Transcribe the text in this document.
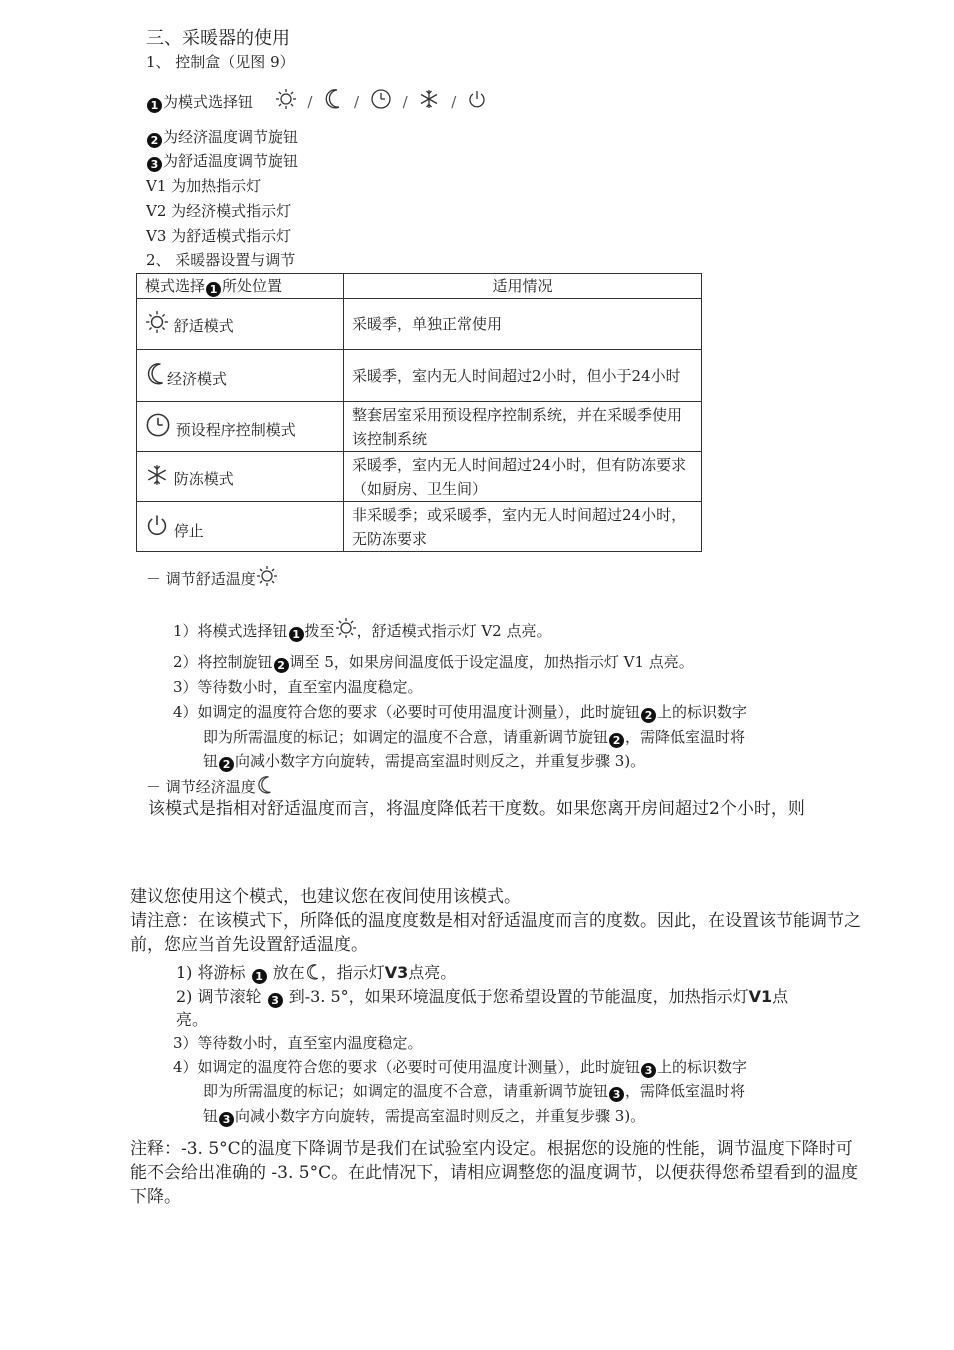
三、采暖器的使用
1、 控制盒（见图 9）
1 为模式选择钮	/	/	/	/
2 为经济温度调节旋钮
3 为舒适温度调节旋钮
V1 为加热指示灯
V2 为经济模式指示灯
V3 为舒适模式指示灯
2、 采暖器设置与调节
模式选择 1 所处位置	适用情况
舒适模式	采暖季，单独正常使用
经济模式	采暖季，室内无人时间超过2小时，但小于24小时
预设程序控制模式	整套居室采用预设程序控制系统，并在采暖季使用该控制系统
防冻模式	采暖季，室内无人时间超过24小时，但有防冻要求（如厨房、卫生间）
停止	非采暖季；或采暖季，室内无人时间超过24小时，无防冻要求
－ 调节舒适温度
1）将模式选择钮 1 拨至 ，舒适模式指示灯 V2 点亮。
2）将控制旋钮 2 调至 5，如果房间温度低于设定温度，加热指示灯 V1 点亮。
3）等待数小时，直至室内温度稳定。
4）如调定的温度符合您的要求（必要时可使用温度计测量），此时旋钮 2 上的标识数字
即为所需温度的标记；如调定的温度不合意，请重新调节旋钮 2 ，需降低室温时将
钮 2 向减小数字方向旋转，需提高室温时则反之，并重复步骤 3)。
－ 调节经济温度
该模式是指相对舒适温度而言，将温度降低若干度数。如果您离开房间超过2个小时，则
建议您使用这个模式，也建议您在夜间使用该模式。
请注意：在该模式下，所降低的温度度数是相对舒适温度而言的度数。因此，在设置该节能调节之前，您应当首先设置舒适温度。
1) 将游标 1 放在 ，指示灯V3点亮。
2) 调节滚轮 3 到-3. 5°，如果环境温度低于您希望设置的节能温度，加热指示灯V1点
亮。
3）等待数小时，直至室内温度稳定。
4）如调定的温度符合您的要求（必要时可使用温度计测量），此时旋钮 3 上的标识数字
即为所需温度的标记；如调定的温度不合意，请重新调节旋钮 3 ，需降低室温时将
钮 3 向减小数字方向旋转，需提高室温时则反之，并重复步骤 3)。
注释：-3. 5°C的温度下降调节是我们在试验室内设定。根据您的设施的性能，调节温度下降时可能不会给出准确的 -3. 5°C。在此情况下，请相应调整您的温度调节，以便获得您希望看到的温度下降。
